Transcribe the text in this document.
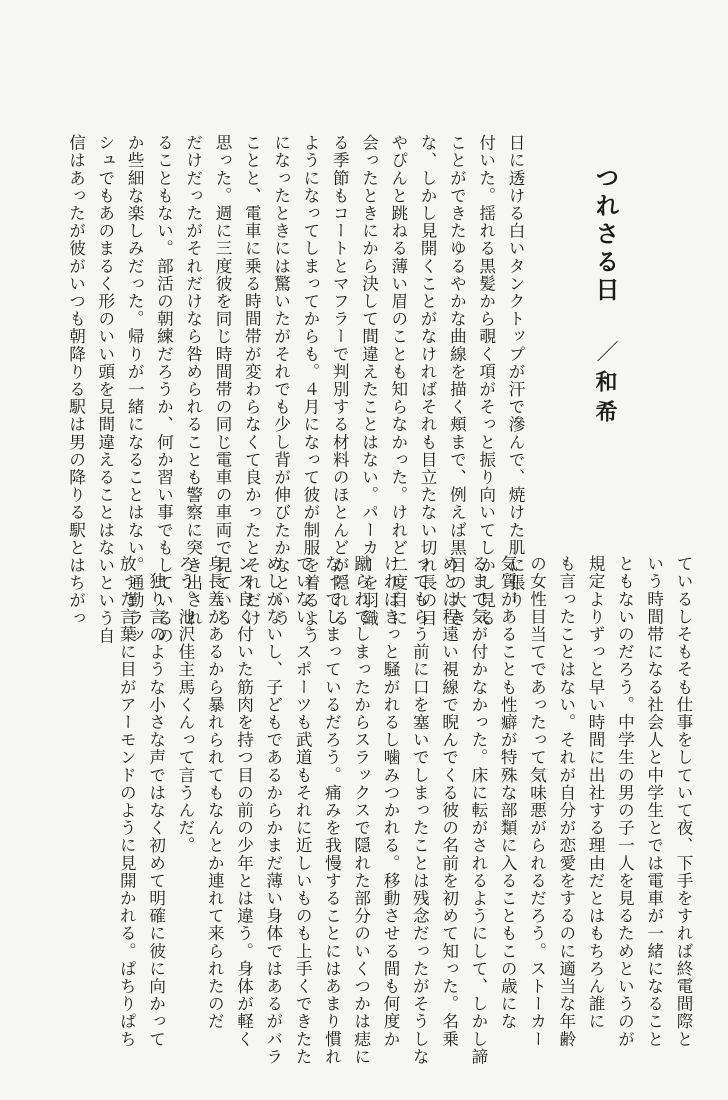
つれさる日
／和希
日に透ける白いタンクトップが汗で滲んで、焼けた肌に張り
付いた。揺れる黒髪から覗く項がそっと振り向いてしかし見る
ことができたゆるやかな曲線を描く頬まで、例えば黒目の大き
な、しかし見開くことがなければそれも目立たない切れ長の目
やぴんと跳ねる薄い眉のことも知らなかった。けれど二度目に
会ったときにから決して間違えたことはない。パーカーを羽織
る季節もコートとマフラーで判別する材料のほとんどが隠れる
ようになってしまってからも。４月になって彼が制服を着るよう
になったときには驚いたがそれでも少し背が伸びたかなという
ことと、電車に乗る時間帯が変わらなくて良かったとそれだけ
思った。週に三度彼を同じ時間帯の同じ電車の車両で見ている
だけだったがそれだけなら咎められることも警察に突き出され
ることもない。部活の朝練だろうか、何か習い事でもしているの
か些細な楽しみだった。帰りが一緒になることはない。通勤ラッ
シュでもあのまるく形のいい頭を見間違えることはないという自
信はあったが彼がいつも朝降りる駅は男の降りる駅とはちがっ
ているしそもそも仕事をしていて夜、下手をすれば終電間際と
いう時間帯になる社会人と中学生とでは電車が一緒になること
ともないのだろう。中学生の男の子一人を見るためというのが
規定よりずっと早い時間に出社する理由だとはもちろん誰に
も言ったことはない。それが自分が恋愛をするのに適当な年齢
の女性目当てであったって気味悪がられるだろう。ストーカー
気質があることも性癖が特殊な部類に入ることもこの歳にな
るまで気が付かなかった。床に転がされるようにして、しかし諦
めとは程遠い視線で睨んでくる彼の名前を初めて知った。名乗
ってもらう前に口を塞いでしまったことは残念だったがそうしな
ければきっと騒がれるし噛みつかれる。移動させる間も何度か
蹴られてしまったからスラックスで隠れた部分のいくつかは痣に
なってしまっているだろう。痛みを我慢することにはあまり慣れ
ていない。スポーツも武道もそれに近しいものも上手くできたた
めしがないし、子どもであるからかまだ薄い身体ではあるがバラ
ンス良く付いた筋肉を持つ目の前の少年とは違う。身体が軽く
身長差があるから暴れられてもなんとか連れて来られたのだ
ろう。池沢佳主馬くんって言うんだ。
　独り言のような小さな声ではなく初めて明確に彼に向かって
放った言葉に目がアーモンドのように見開かれる。ぱちりぱち
